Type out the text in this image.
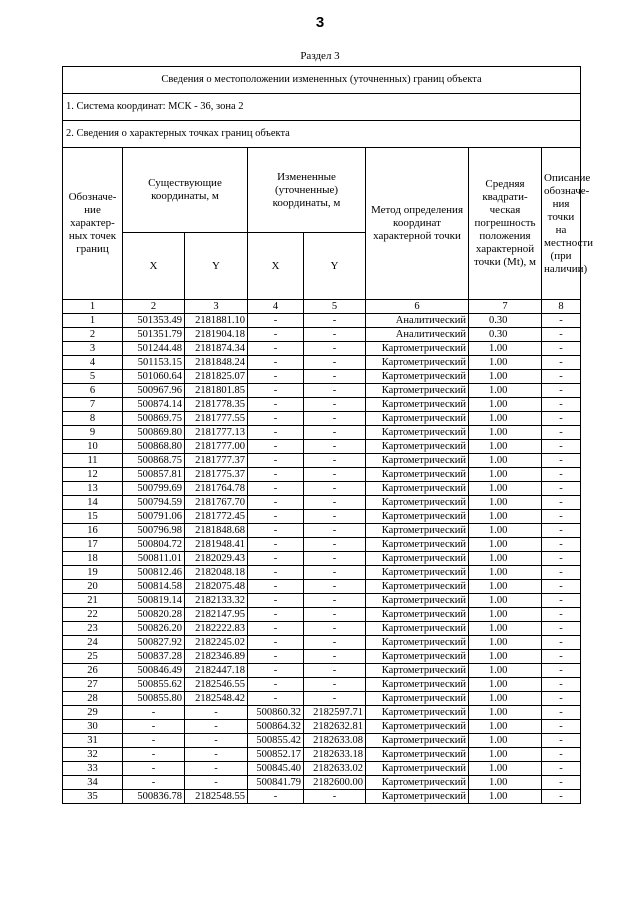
3
Раздел 3
Сведения о местоположении измененных (уточненных) границ объекта							
1. Система координат: МСК - 36, зона 2							
2. Сведения о характерных точках границ объекта							
Обозначе-ние характер-ных точек границ	Существующие координаты, м		Измененные (уточненные) координаты, м		Метод определения координат характерной точки	Средняя квадрати-ческая погрешность положения характерной точки (Mt), м	Описание обозначе-ния точки на местности (при наличии)
	X	Y	X	Y			
1	2	3	4	5	6	7	8
1	501353.49	2181881.10	-	-	Аналитический	0.30	-
2	501351.79	2181904.18	-	-	Аналитический	0.30	-
3	501244.48	2181874.34	-	-	Картометрический	1.00	-
4	501153.15	2181848.24	-	-	Картометрический	1.00	-
5	501060.64	2181825.07	-	-	Картометрический	1.00	-
6	500967.96	2181801.85	-	-	Картометрический	1.00	-
7	500874.14	2181778.35	-	-	Картометрический	1.00	-
8	500869.75	2181777.55	-	-	Картометрический	1.00	-
9	500869.80	2181777.13	-	-	Картометрический	1.00	-
10	500868.80	2181777.00	-	-	Картометрический	1.00	-
11	500868.75	2181777.37	-	-	Картометрический	1.00	-
12	500857.81	2181775.37	-	-	Картометрический	1.00	-
13	500799.69	2181764.78	-	-	Картометрический	1.00	-
14	500794.59	2181767.70	-	-	Картометрический	1.00	-
15	500791.06	2181772.45	-	-	Картометрический	1.00	-
16	500796.98	2181848.68	-	-	Картометрический	1.00	-
17	500804.72	2181948.41	-	-	Картометрический	1.00	-
18	500811.01	2182029.43	-	-	Картометрический	1.00	-
19	500812.46	2182048.18	-	-	Картометрический	1.00	-
20	500814.58	2182075.48	-	-	Картометрический	1.00	-
21	500819.14	2182133.32	-	-	Картометрический	1.00	-
22	500820.28	2182147.95	-	-	Картометрический	1.00	-
23	500826.20	2182222.83	-	-	Картометрический	1.00	-
24	500827.92	2182245.02	-	-	Картометрический	1.00	-
25	500837.28	2182346.89	-	-	Картометрический	1.00	-
26	500846.49	2182447.18	-	-	Картометрический	1.00	-
27	500855.62	2182546.55	-	-	Картометрический	1.00	-
28	500855.80	2182548.42	-	-	Картометрический	1.00	-
29	-	-	500860.32	2182597.71	Картометрический	1.00	-
30	-	-	500864.32	2182632.81	Картометрический	1.00	-
31	-	-	500855.42	2182633.08	Картометрический	1.00	-
32	-	-	500852.17	2182633.18	Картометрический	1.00	-
33	-	-	500845.40	2182633.02	Картометрический	1.00	-
34	-	-	500841.79	2182600.00	Картометрический	1.00	-
35	500836.78	2182548.55	-	-	Картометрический	1.00	-
